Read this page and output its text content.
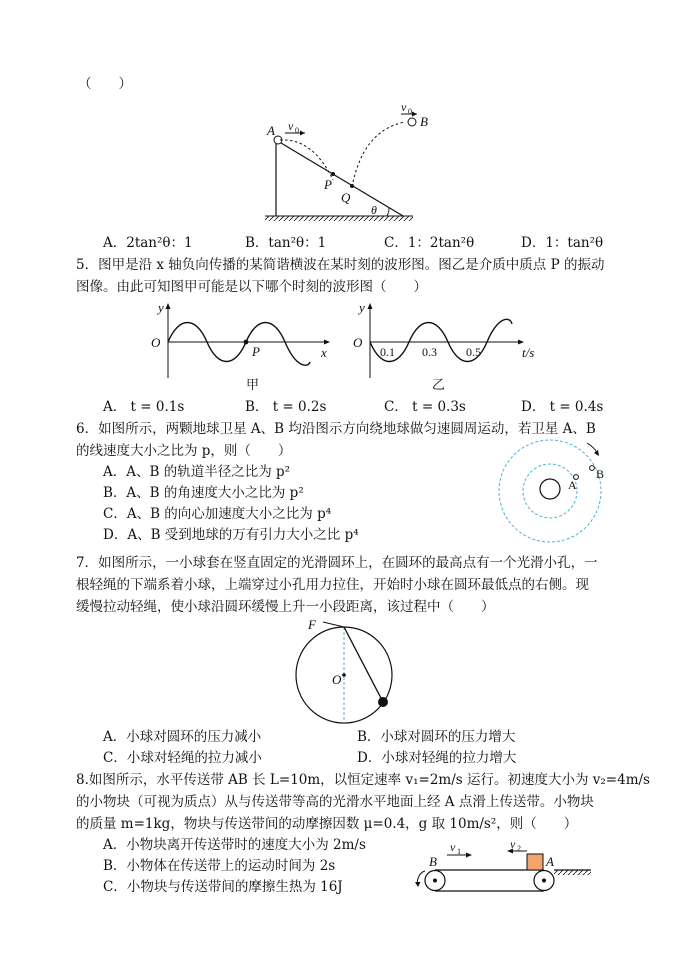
（　　）
A v 0
v 0
B
P
Q
θ
A．2tan²θ：1	B．tan²θ：1	C．1：2tan²θ	D．1：tan²θ
5．图甲是沿 x 轴负向传播的某简谐横波在某时刻的波形图。图乙是介质中质点 P 的振动
图像。由此可知图甲可能是以下哪个时刻的波形图（　　）
y
O
P	x
甲
y
O
0.1 0.3 0.5	t/s
乙
A． t = 0.1s	B． t = 0.2s	C． t = 0.3s	D． t = 0.4s
6．如图所示，两颗地球卫星 A、B 均沿图示方向绕地球做匀速圆周运动，若卫星 A、B
的线速度大小之比为 p，则（　　）
A．A、B 的轨道半径之比为 p²
B．A、B 的角速度大小之比为 p²
C．A、B 的向心加速度大小之比为 p⁴
D．A、B 受到地球的万有引力大小之比 p⁴
A
B
7．如图所示，一小球套在竖直固定的光滑圆环上，在圆环的最高点有一个光滑小孔，一
根轻绳的下端系着小球，上端穿过小孔用力拉住，开始时小球在圆环最低点的右侧。现
缓慢拉动轻绳，使小球沿圆环缓慢上升一小段距离，该过程中（　　）
F
O
A．小球对圆环的压力减小	B．小球对圆环的压力增大
C．小球对轻绳的拉力减小	D．小球对轻绳的拉力增大
8.如图所示，水平传送带 AB 长 L=10m，以恒定速率 v₁=2m/s 运行。初速度大小为 v₂=4m/s
的小物块（可视为质点）从与传送带等高的光滑水平地面上经 A 点滑上传送带。小物块
的质量 m=1kg，物块与传送带间的动摩擦因数 μ=0.4，g 取 10m/s²，则（　　）
A．小物块离开传送带时的速度大小为 2m/s
B．小物体在传送带上的运动时间为 2s
C．小物块与传送带间的摩擦生热为 16J
B	A
v 1
v 2
